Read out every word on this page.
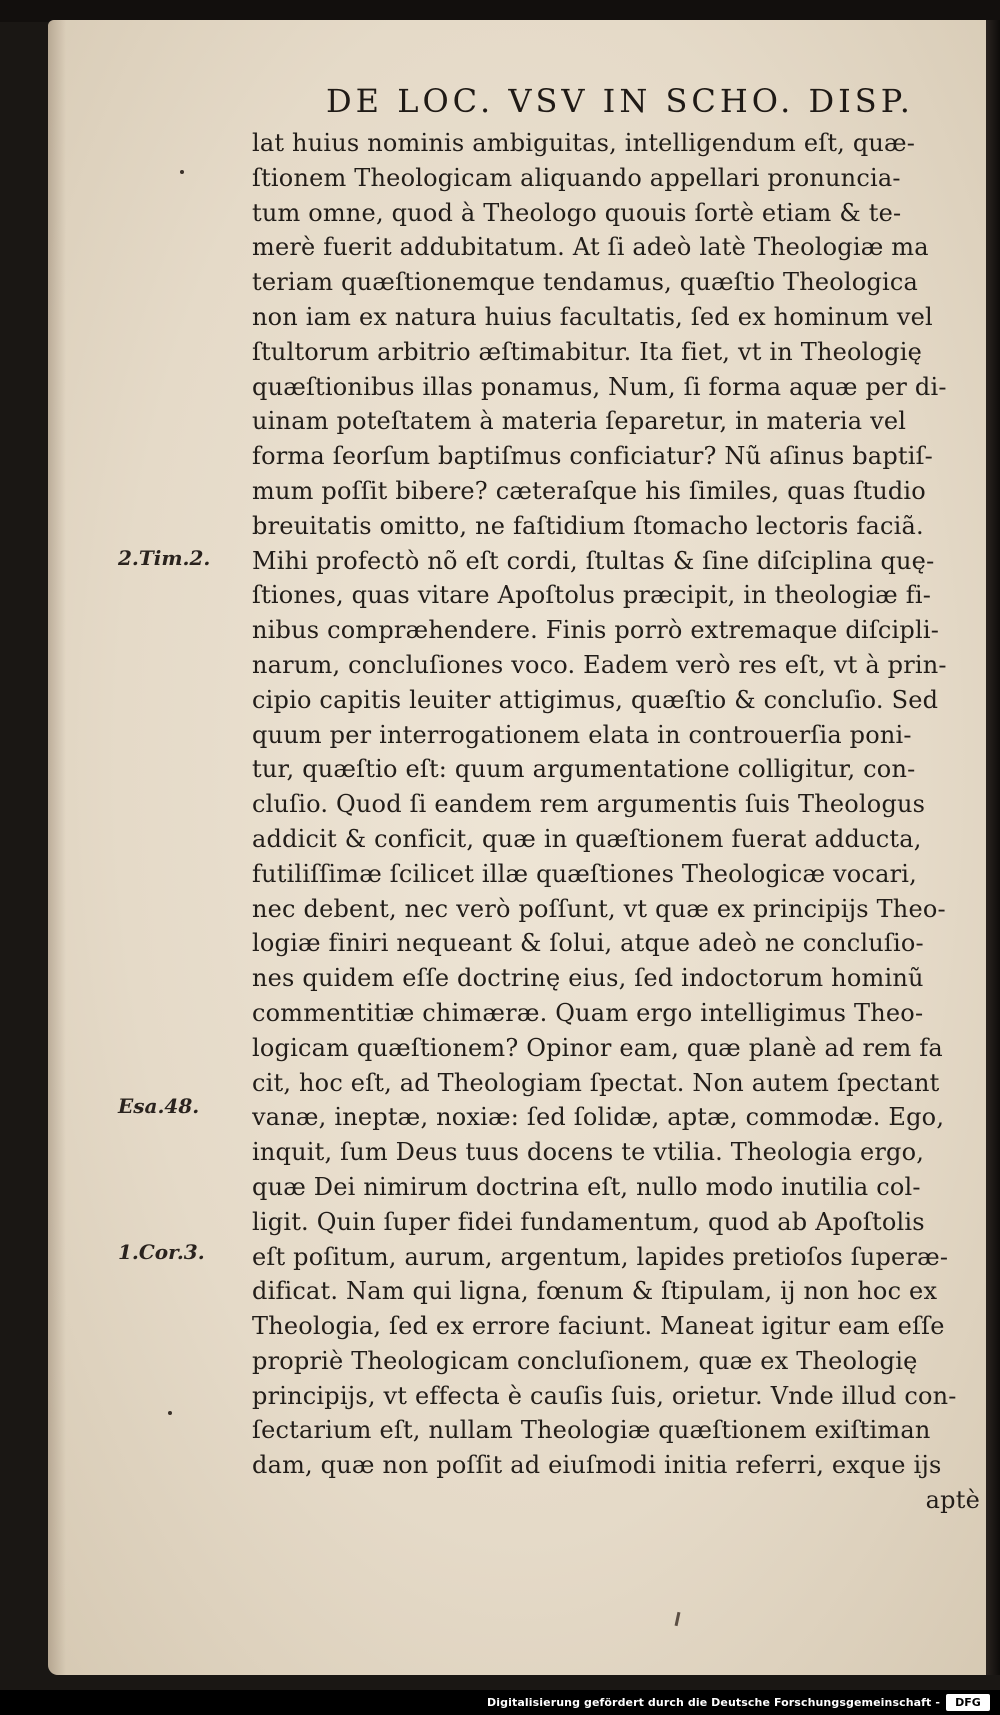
DE LOC. VSV IN SCHO. DISP.
2.Tim.2.
Esa.48.
1.Cor.3.
lat huius nominis ambiguitas, intelligendum eſt, quæ-
ſtionem Theologicam aliquando appellari pronuncia-
tum omne, quod à Theologo quouis ſortè etiam & te-
merè fuerit addubitatum. At ſi adeò latè Theologiæ ma
teriam quæſtionemque tendamus, quæſtio Theologica
non iam ex natura huius facultatis, ſed ex hominum vel
ſtultorum arbitrio æſtimabitur. Ita fiet, vt in Theologię
quæſtionibus illas ponamus, Num, ſi forma aquæ per di-
uinam poteſtatem à materia ſeparetur, in materia vel
forma ſeorſum baptiſmus conficiatur? Nũ aſinus baptiſ-
mum poſſit bibere? cæteraſque his ſimiles, quas ſtudio
breuitatis omitto, ne faſtidium ſtomacho lectoris faciã.
Mihi profectò nõ eſt cordi, ſtultas & ſine diſciplina quę-
ſtiones, quas vitare Apoſtolus præcipit, in theologiæ fi-
nibus compræhendere. Finis porrò extremaque diſcipli-
narum, concluſiones voco. Eadem verò res eſt, vt à prin-
cipio capitis leuiter attigimus, quæſtio & concluſio. Sed
quum per interrogationem elata in controuerſia poni-
tur, quæſtio eſt: quum argumentatione colligitur, con-
cluſio. Quod ſi eandem rem argumentis ſuis Theologus
addicit & conficit, quæ in quæſtionem fuerat adducta,
futiliſſimæ ſcilicet illæ quæſtiones Theologicæ vocari,
nec debent, nec verò poſſunt, vt quæ ex principijs Theo-
logiæ finiri nequeant & ſolui, atque adeò ne concluſio-
nes quidem eſſe doctrinę eius, ſed indoctorum hominũ
commentitiæ chimæræ. Quam ergo intelligimus Theo-
logicam quæſtionem? Opinor eam, quæ planè ad rem fa
cit, hoc eſt, ad Theologiam ſpectat. Non autem ſpectant
vanæ, ineptæ, noxiæ: ſed ſolidæ, aptæ, commodæ. Ego,
inquit, ſum Deus tuus docens te vtilia. Theologia ergo,
quæ Dei nimirum doctrina eſt, nullo modo inutilia col-
ligit. Quin ſuper fidei fundamentum, quod ab Apoſtolis
eſt poſitum, aurum, argentum, lapides pretioſos ſuperæ-
dificat. Nam qui ligna, fœnum & ſtipulam, ij non hoc ex
Theologia, ſed ex errore faciunt. Maneat igitur eam eſſe
propriè Theologicam concluſionem, quæ ex Theologię
principijs, vt effecta è cauſis ſuis, orietur. Vnde illud con-
ſectarium eſt, nullam Theologiæ quæſtionem exiſtiman
dam, quæ non poſſit ad eiuſmodi initia referri, exque ijs
aptè
Digitalisierung gefördert durch die Deutsche Forschungsgemeinschaft -	DFG
